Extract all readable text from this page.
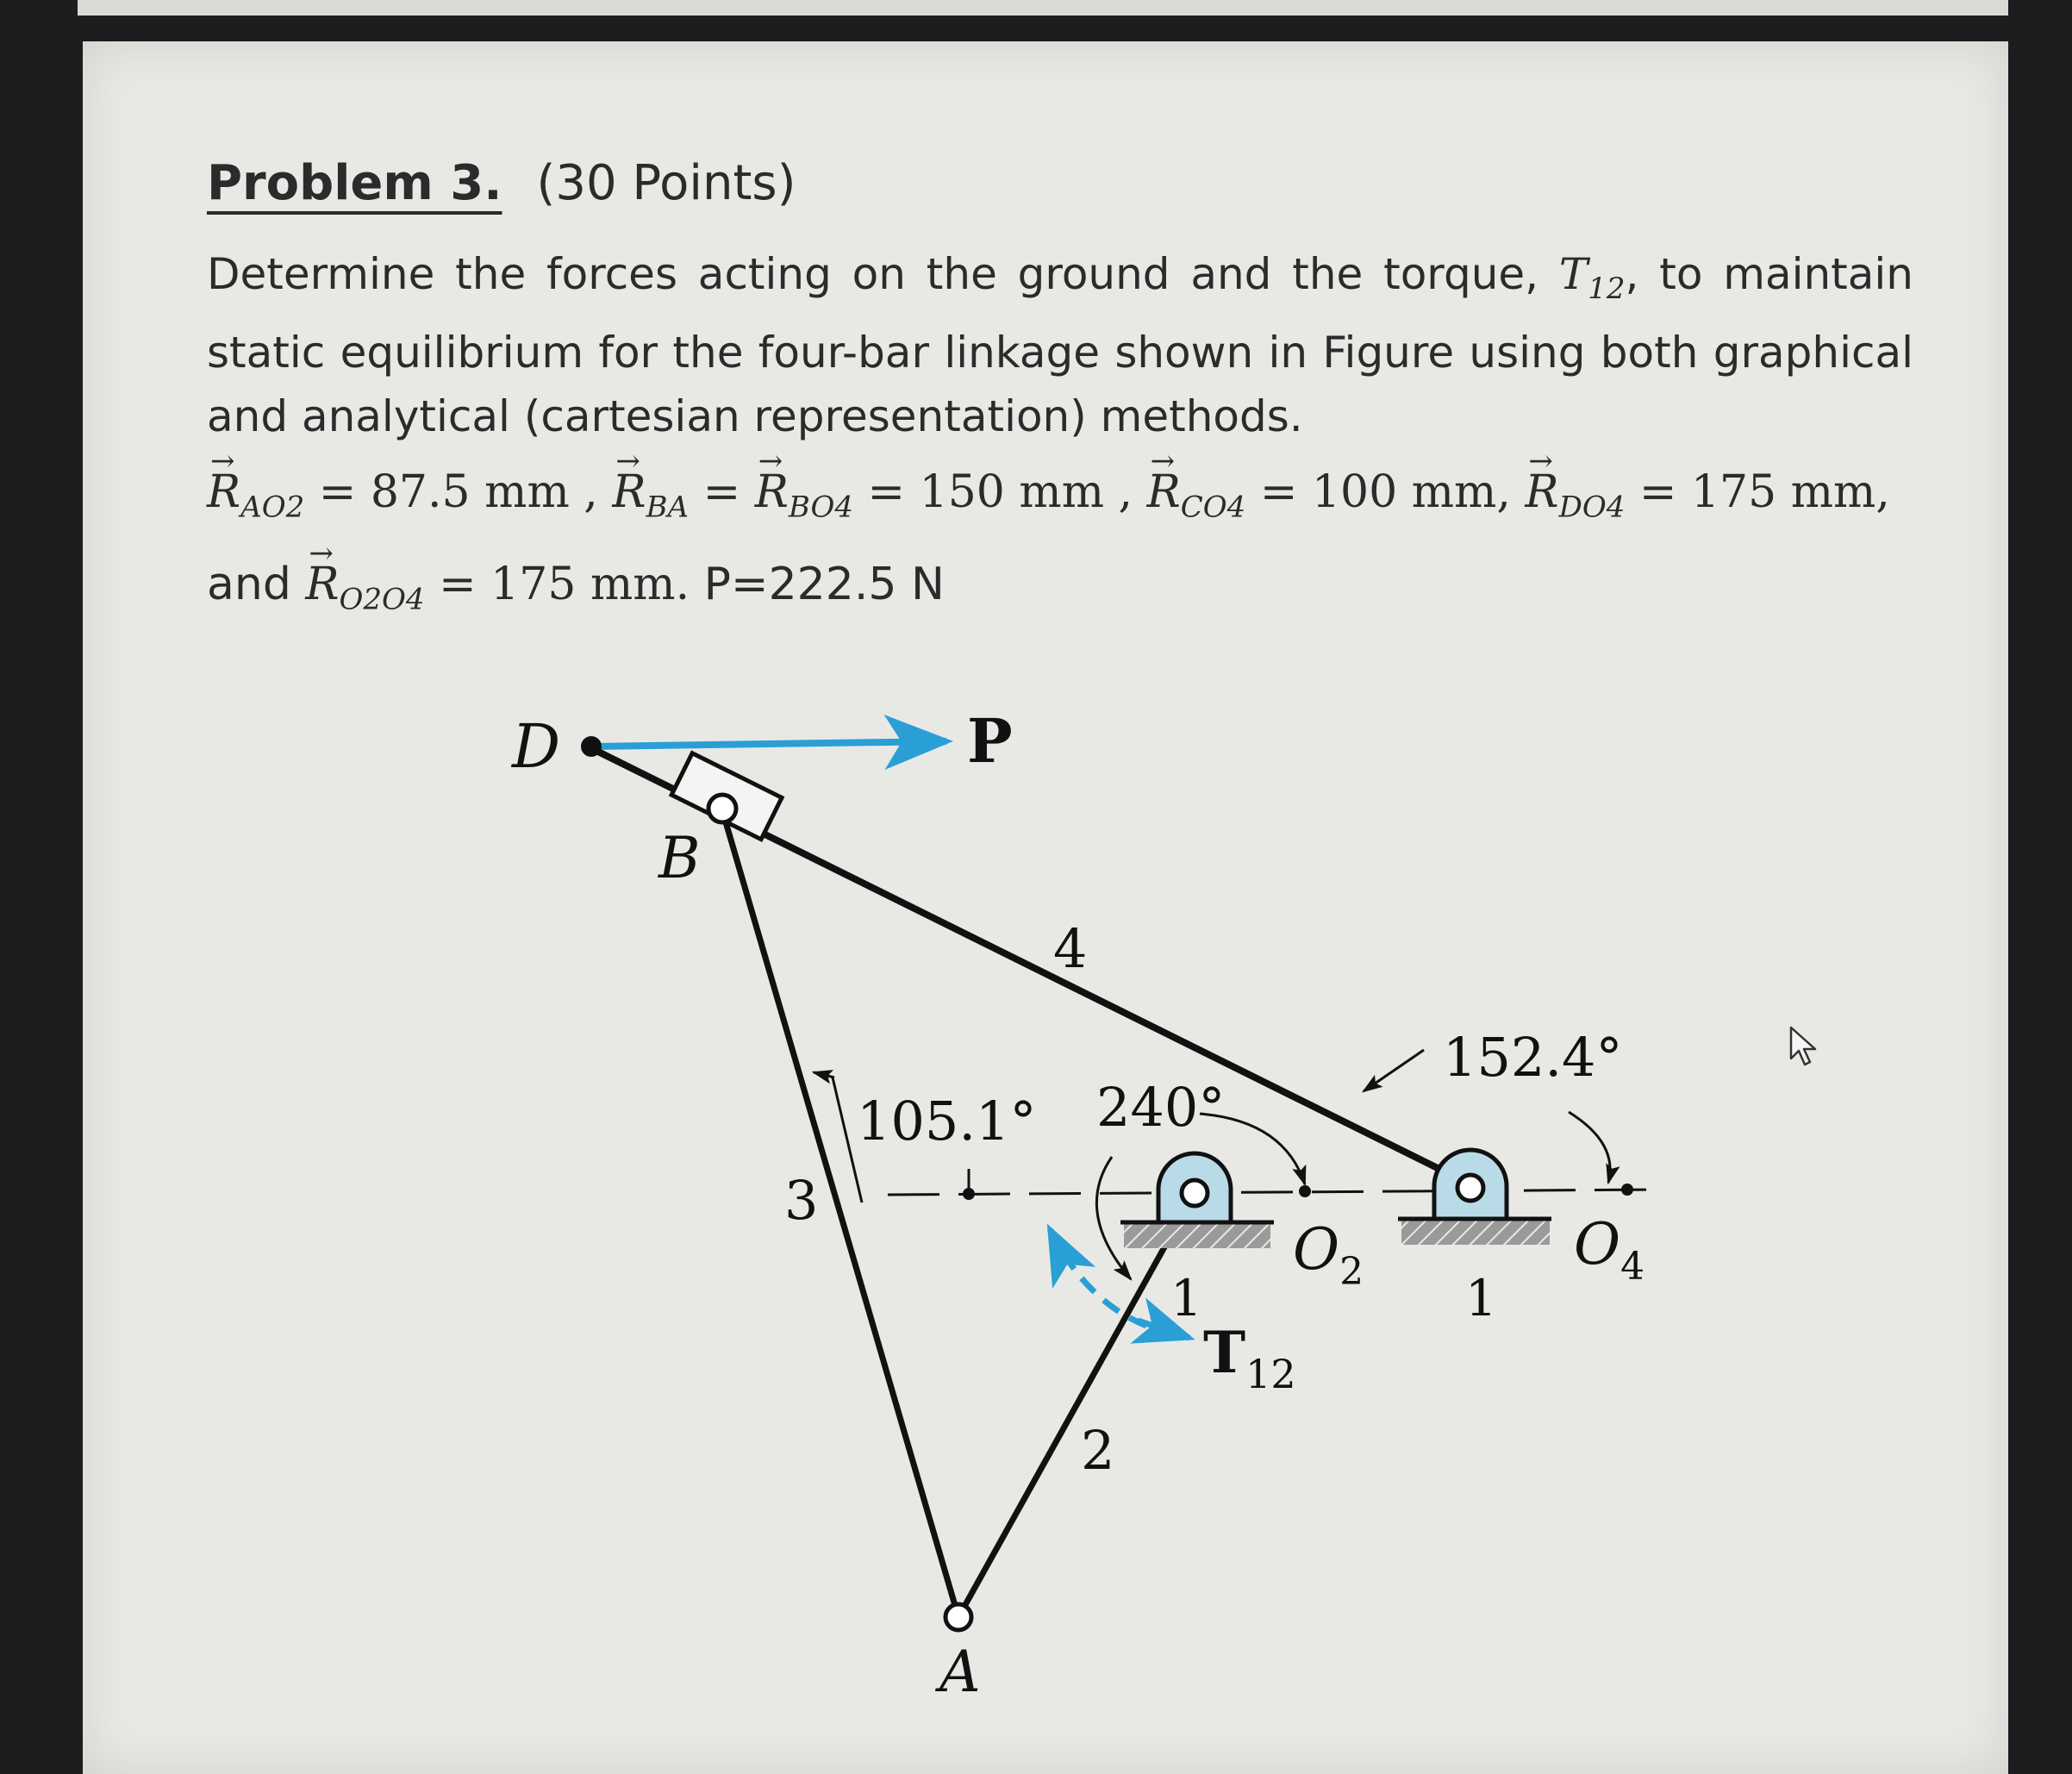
Problem 3. (30 Points)

Determine the forces acting on the ground and the torque, $T_{12}$, to maintain static equilibrium for the four-bar linkage shown in Figure using both graphical and analytical (cartesian representation) methods.

→ $R_{AO2} = 87.5$ mm , → $R_{BA}$ = → $R_{BO4} = 150$ mm , → $R_{CO4} = 100$ mm, → $R_{DO4} = 175$ mm,
and → $R_{O2O4} = 175$ mm. P=222.5 N
D	P
B
4
3
2
A
105.1° 240°
152.4°
1	1
$O_2$	$O_4$
$T_{12}$
